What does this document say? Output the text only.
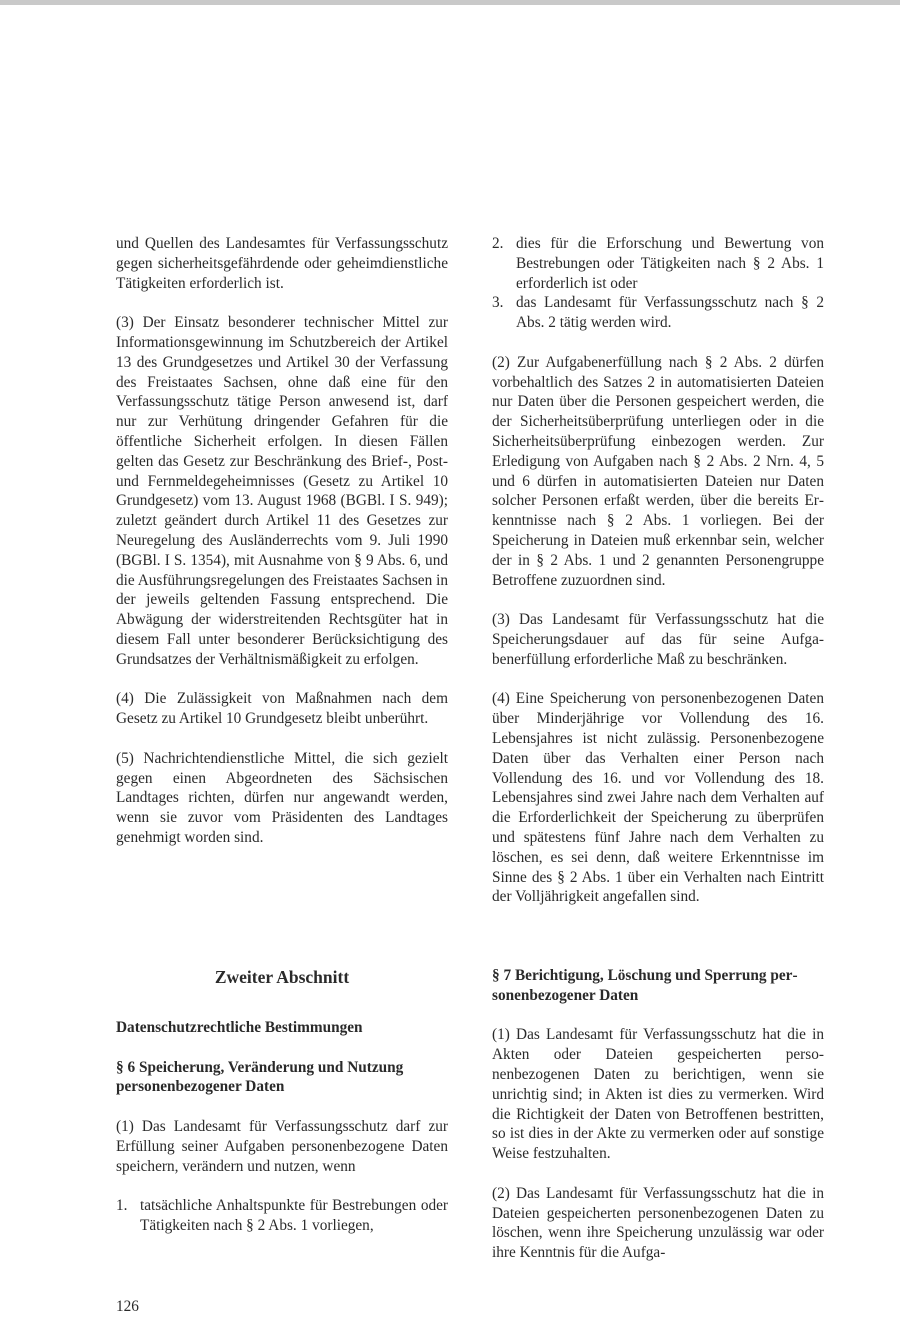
und Quellen des Landesamtes für Verfassungsschutz gegen sicherheitsgefährdende oder geheimdienstliche Tätigkeiten erforderlich ist.

(3) Der Einsatz besonderer technischer Mittel zur Informationsgewinnung im Schutzbereich der Artikel 13 des Grundgesetzes und Artikel 30 der Verfassung des Freistaates Sachsen, ohne daß eine für den Verfassungsschutz tätige Person anwesend ist, darf nur zur Verhütung dringender Gefahren für die öffentliche Sicherheit erfolgen. In diesen Fällen gelten das Gesetz zur Beschränkung des Brief-, Post- und Fernmeldegeheimnisses (Gesetz zu Artikel 10 Grundgesetz) vom 13. August 1968 (BGBl. I S. 949); zuletzt geändert durch Artikel 11 des Gesetzes zur Neuregelung des Ausländerrechts vom 9. Juli 1990 (BGBl. I S. 1354), mit Ausnahme von § 9 Abs. 6, und die Ausführungsregelungen des Freistaates Sachsen in der jeweils geltenden Fassung entsprechend. Die Abwägung der widerstreitenden Rechtsgüter hat in diesem Fall unter besonderer Berücksichtigung des Grundsatzes der Verhältnismäßigkeit zu erfolgen.

(4) Die Zulässigkeit von Maßnahmen nach dem Gesetz zu Artikel 10 Grundgesetz bleibt unberührt.

(5) Nachrichtendienstliche Mittel, die sich gezielt gegen einen Abgeordneten des Sächsischen Landtages richten, dürfen nur angewandt werden, wenn sie zuvor vom Präsidenten des Landtages genehmigt worden sind.

2. dies für die Erforschung und Bewertung von Bestrebungen oder Tätigkeiten nach § 2 Abs. 1 erforderlich ist oder
3. das Landesamt für Verfassungsschutz nach § 2 Abs. 2 tätig werden wird.

(2) Zur Aufgabenerfüllung nach § 2 Abs. 2 dürfen vorbehaltlich des Satzes 2 in automatisierten Dateien nur Daten über die Personen gespeichert werden, die der Sicherheitsüberprüfung unterliegen oder in die Sicherheitsüberprüfung einbezogen werden. Zur Erledigung von Aufgaben nach § 2 Abs. 2 Nrn. 4, 5 und 6 dürfen in automatisierten Dateien nur Daten solcher Personen erfaßt werden, über die bereits Erkenntnisse nach § 2 Abs. 1 vorliegen. Bei der Speicherung in Dateien muß erkennbar sein, welcher der in § 2 Abs. 1 und 2 genannten Personengruppe Betroffene zuzuordnen sind.

(3) Das Landesamt für Verfassungsschutz hat die Speicherungsdauer auf das für seine Aufgabenerfüllung erforderliche Maß zu beschränken.

(4) Eine Speicherung von personenbezogenen Daten über Minderjährige vor Vollendung des 16. Lebensjahres ist nicht zulässig. Personenbezogene Daten über das Verhalten einer Person nach Vollendung des 16. und vor Vollendung des 18. Lebensjahres sind zwei Jahre nach dem Verhalten auf die Erforderlichkeit der Speicherung zu überprüfen und spätestens fünf Jahre nach dem Verhalten zu löschen, es sei denn, daß weitere Erkenntnisse im Sinne des § 2 Abs. 1 über ein Verhalten nach Eintritt der Volljährigkeit angefallen sind.

Zweiter Abschnitt

Datenschutzrechtliche Bestimmungen

§ 6 Speicherung, Veränderung und Nutzung personenbezogener Daten

(1) Das Landesamt für Verfassungsschutz darf zur Erfüllung seiner Aufgaben personenbezogene Daten speichern, verändern und nutzen, wenn

1. tatsächliche Anhaltspunkte für Bestrebungen oder Tätigkeiten nach § 2 Abs. 1 vorliegen,

§ 7 Berichtigung, Löschung und Sperrung personenbezogener Daten

(1) Das Landesamt für Verfassungsschutz hat die in Akten oder Dateien gespeicherten personenbezogenen Daten zu berichtigen, wenn sie unrichtig sind; in Akten ist dies zu vermerken. Wird die Richtigkeit der Daten von Betroffenen bestritten, so ist dies in der Akte zu vermerken oder auf sonstige Weise festzuhalten.

(2) Das Landesamt für Verfassungsschutz hat die in Dateien gespeicherten personenbezogenen Daten zu löschen, wenn ihre Speicherung unzulässig war oder ihre Kenntnis für die Aufga-

126
